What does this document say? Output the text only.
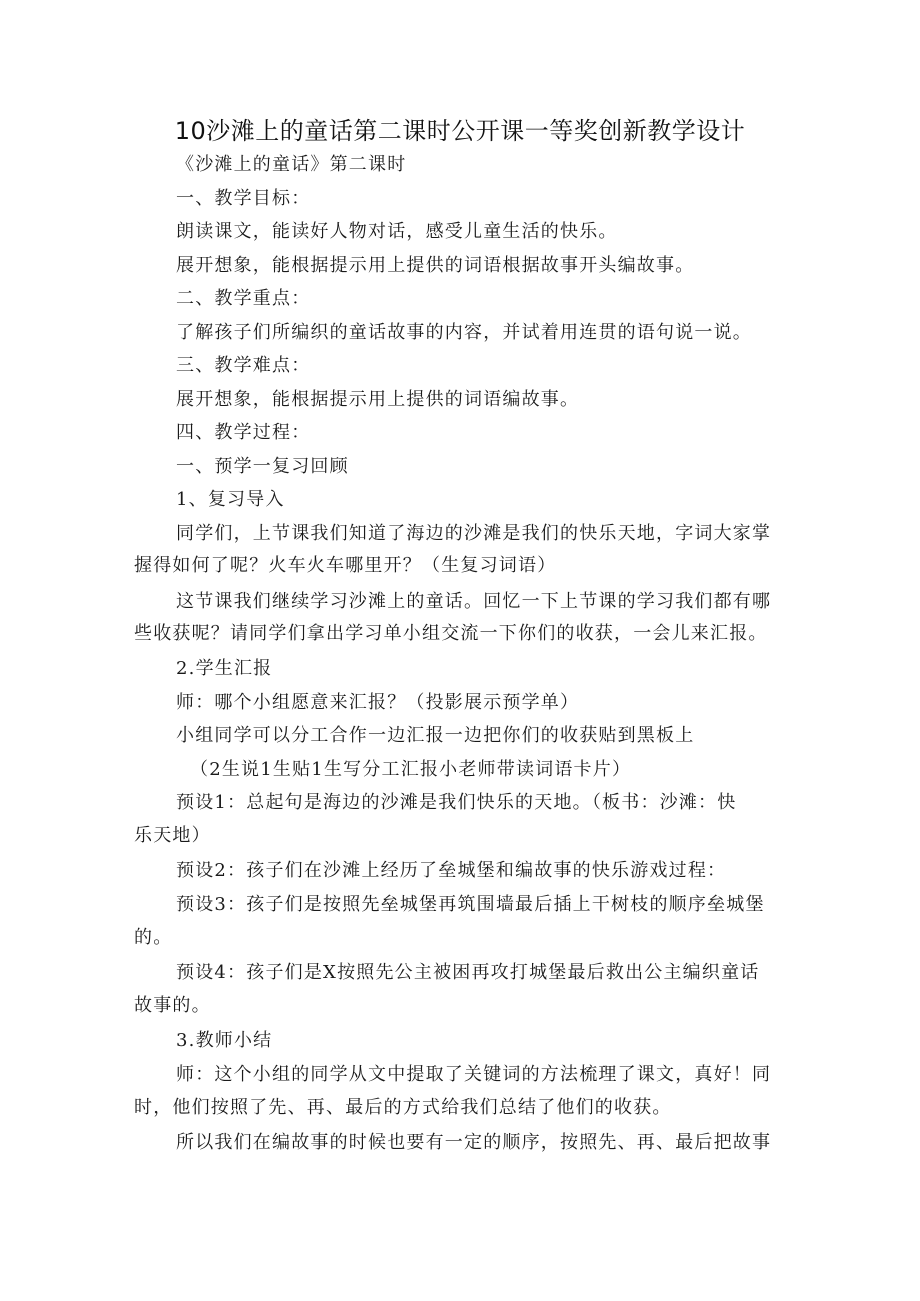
10沙滩上的童话第二课时公开课一等奖创新教学设计

《沙滩上的童话》第二课时

一、教学目标：

朗读课文，能读好人物对话，感受儿童生活的快乐。

展开想象，能根据提示用上提供的词语根据故事开头编故事。

二、教学重点：

了解孩子们所编织的童话故事的内容，并试着用连贯的语句说一说。

三、教学难点：

展开想象，能根据提示用上提供的词语编故事。

四、教学过程：

一、预学一复习回顾

1、复习导入

同学们，上节课我们知道了海边的沙滩是我们的快乐天地，字词大家掌

握得如何了呢？火车火车哪里开？（生复习词语）

这节课我们继续学习沙滩上的童话。回忆一下上节课的学习我们都有哪

些收获呢？请同学们拿出学习单小组交流一下你们的收获，一会儿来汇报。

2.学生汇报

师：哪个小组愿意来汇报？（投影展示预学单）

小组同学可以分工合作一边汇报一边把你们的收获贴到黑板上

（2生说1生贴1生写分工汇报小老师带读词语卡片）

预设1：总起句是海边的沙滩是我们快乐的天地。（板书：沙滩：快

乐天地）

预设2：孩子们在沙滩上经历了垒城堡和编故事的快乐游戏过程：

预设3：孩子们是按照先垒城堡再筑围墙最后插上干树枝的顺序垒城堡

的。

预设4：孩子们是X按照先公主被困再攻打城堡最后救出公主编织童话

故事的。

3.教师小结

师：这个小组的同学从文中提取了关键词的方法梳理了课文，真好！同

时，他们按照了先、再、最后的方式给我们总结了他们的收获。

所以我们在编故事的时候也要有一定的顺序，按照先、再、最后把故事
